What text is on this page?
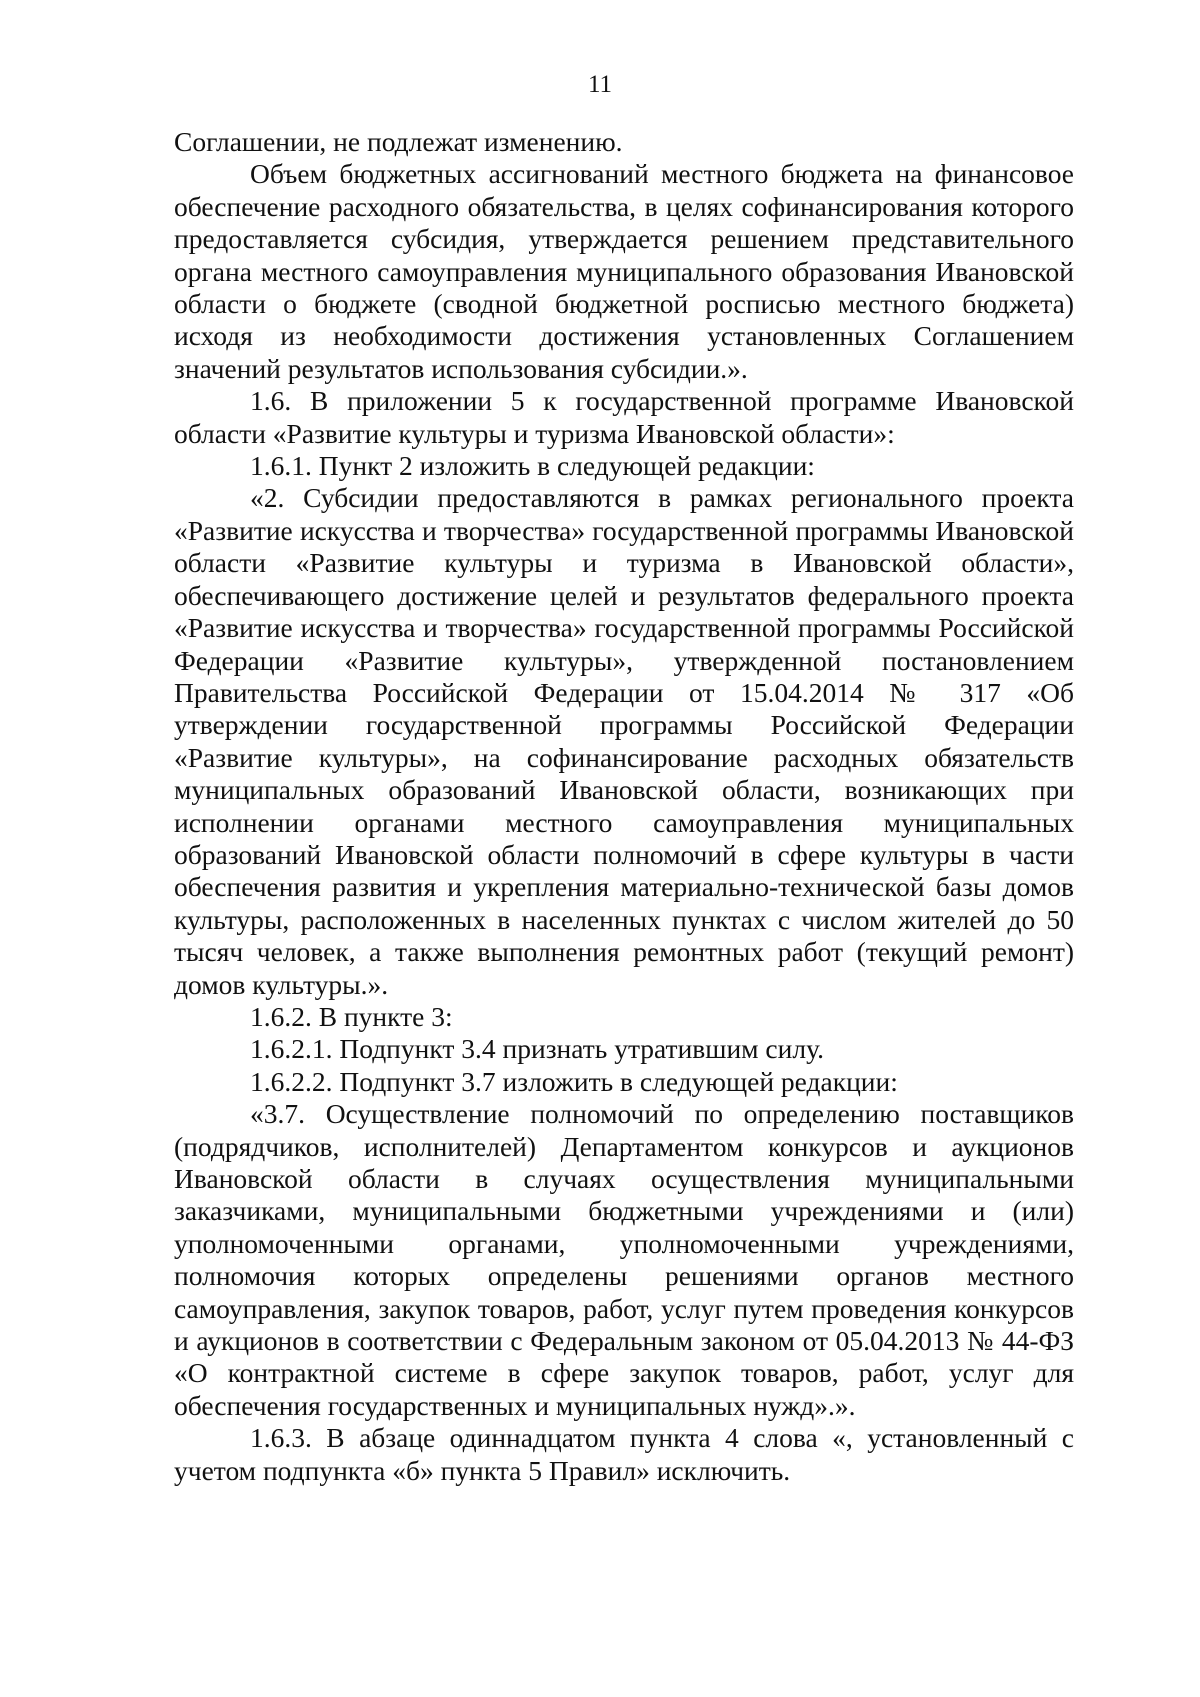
11

Соглашении, не подлежат изменению.

Объем бюджетных ассигнований местного бюджета на финансовое обеспечение расходного обязательства, в целях софинансирования которого предоставляется субсидия, утверждается решением представительного органа местного самоуправления муниципального образования Ивановской области о бюджете (сводной бюджетной росписью местного бюджета) исходя из необходимости достижения установленных Соглашением значений результатов использования субсидии.».

1.6. В приложении 5 к государственной программе Ивановской области «Развитие культуры и туризма Ивановской области»:

1.6.1. Пункт 2 изложить в следующей редакции:

«2. Субсидии предоставляются в рамках регионального проекта «Развитие искусства и творчества» государственной программы Ивановской области «Развитие культуры и туризма в Ивановской области», обеспечивающего достижение целей и результатов федерального проекта «Развитие искусства и творчества» государственной программы Российской Федерации «Развитие культуры», утвержденной постановлением Правительства Российской Федерации от 15.04.2014 № 317 «Об утверждении государственной программы Российской Федерации «Развитие культуры», на софинансирование расходных обязательств муниципальных образований Ивановской области, возникающих при исполнении органами местного самоуправления муниципальных образований Ивановской области полномочий в сфере культуры в части обеспечения развития и укрепления материально-технической базы домов культуры, расположенных в населенных пунктах с числом жителей до 50 тысяч человек, а также выполнения ремонтных работ (текущий ремонт) домов культуры.».

1.6.2. В пункте 3:

1.6.2.1. Подпункт 3.4 признать утратившим силу.

1.6.2.2. Подпункт 3.7 изложить в следующей редакции:

«3.7. Осуществление полномочий по определению поставщиков (подрядчиков, исполнителей) Департаментом конкурсов и аукционов Ивановской области в случаях осуществления муниципальными заказчиками, муниципальными бюджетными учреждениями и (или) уполномоченными органами, уполномоченными учреждениями, полномочия которых определены решениями органов местного самоуправления, закупок товаров, работ, услуг путем проведения конкурсов и аукционов в соответствии с Федеральным законом от 05.04.2013 № 44-ФЗ «О контрактной системе в сфере закупок товаров, работ, услуг для обеспечения государственных и муниципальных нужд».».

1.6.3. В абзаце одиннадцатом пункта 4 слова «, установленный с учетом подпункта «б» пункта 5 Правил» исключить.
